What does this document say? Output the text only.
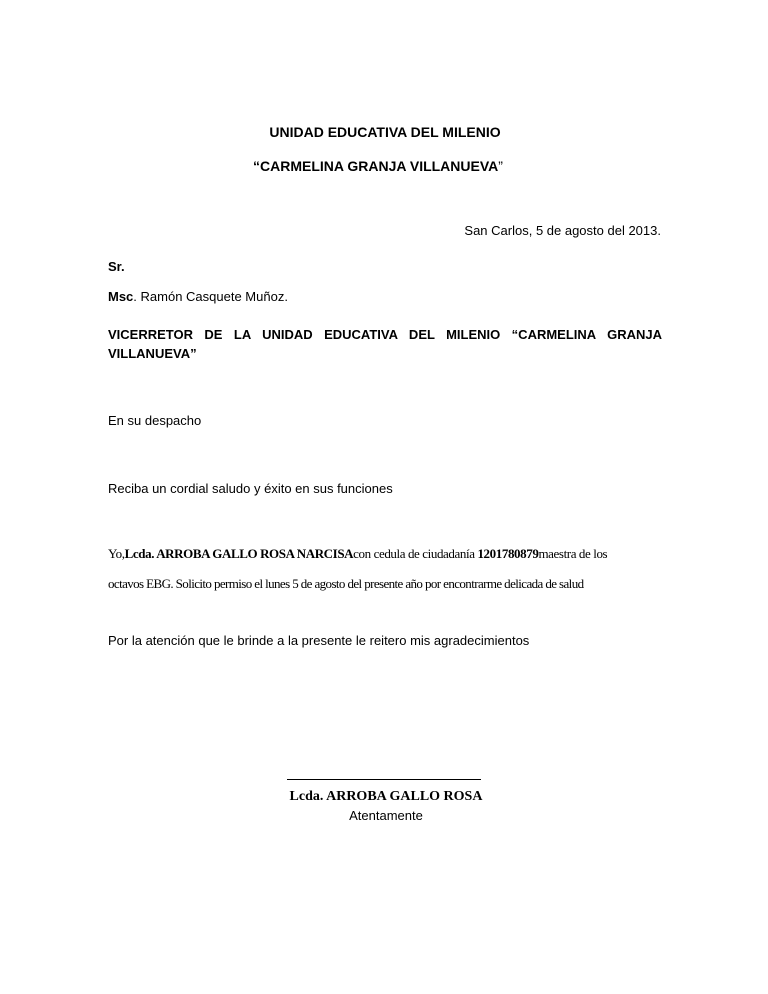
UNIDAD EDUCATIVA DEL MILENIO
“CARMELINA GRANJA VILLANUEVA”
San Carlos, 5 de agosto del 2013.
Sr.
Msc. Ramón Casquete Muñoz.
VICERRETOR DE LA UNIDAD EDUCATIVA DEL MILENIO “CARMELINA GRANJA
VILLANUEVA”
En su despacho
Reciba un cordial saludo y éxito en sus funciones
Yo,Lcda. ARROBA GALLO ROSA NARCISAcon cedula de ciudadanía 1201780879maestra de los
octavos EBG. Solicito permiso el lunes 5 de agosto del presente año por encontrarme delicada de salud
Por la atención que le brinde a la presente le reitero mis agradecimientos
Lcda. ARROBA GALLO ROSA
Atentamente
